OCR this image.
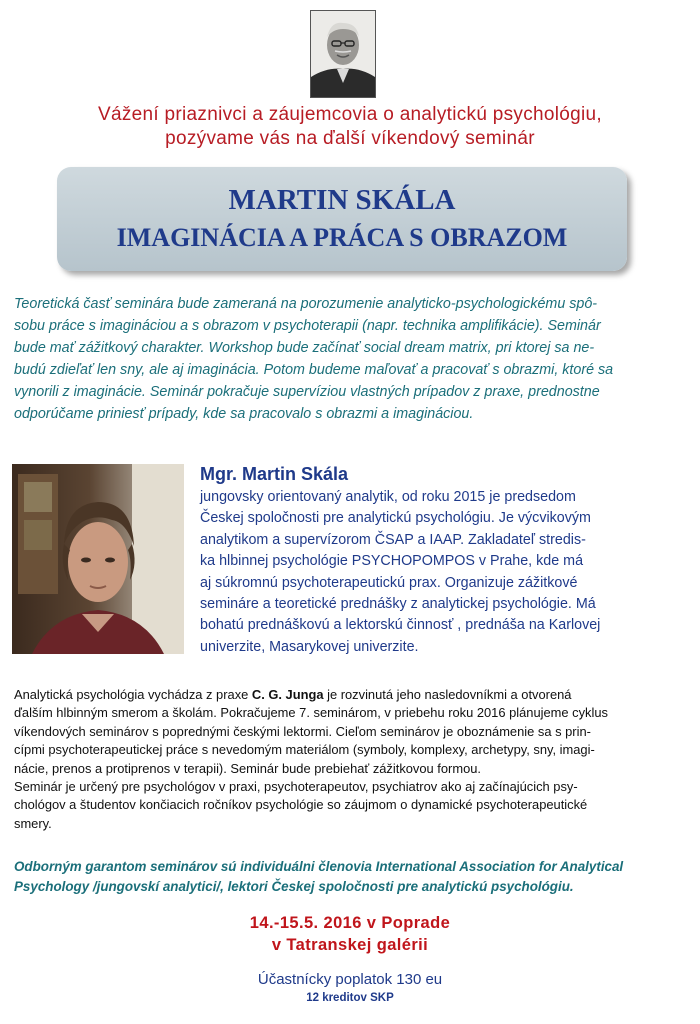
Vážení priaznivci a záujemcovia o analytickú psychológiu,
pozývame vás na ďalší víkendový seminár
MARTIN SKÁLA
IMAGINÁCIA A PRÁCA S OBRAZOM
Teoretická časť seminára bude zameraná na porozumenie analyticko-psychologickému spô-
sobu práce s imagináciou a s obrazom v psychoterapii (napr. technika amplifikácie). Seminár
bude mať zážitkový charakter. Workshop bude začínať social dream matrix, pri ktorej sa ne-
budú zdieľať len sny, ale aj imaginácia. Potom budeme maľovať a pracovať s obrazmi, ktoré sa
vynorili z imaginácie. Seminár pokračuje supervíziou vlastných prípadov z praxe, prednostne
odporúčame priniesť prípady, kde sa pracovalo s obrazmi a imagináciou.
Mgr. Martin Skála
jungovsky orientovaný analytik, od roku 2015 je predsedom
Českej spoločnosti pre analytickú psychológiu. Je výcvikovým
analytikom a supervízorom ČSAP a IAAP. Zakladateľ stredis-
ka hlbinnej psychológie PSYCHOPOMPOS v Prahe, kde má
aj súkromnú psychoterapeutickú prax. Organizuje zážitkové
semináre a teoretické prednášky z analytickej psychológie. Má
bohatú prednáškovú a lektorskú činnosť , prednáša na Karlovej
univerzite, Masarykovej univerzite.
Analytická psychológia vychádza z praxe C. G. Junga je rozvinutá jeho nasledovníkmi a otvorená
ďalším hlbinným smerom a školám. Pokračujeme 7. seminárom, v priebehu roku 2016 plánujeme cyklus
víkendových seminárov s poprednými českými lektormi. Cieľom seminárov je oboznámenie sa s prin-
cípmi psychoterapeutickej práce s nevedomým materiálom (symboly, komplexy, archetypy, sny, imagi-
nácie, prenos a protiprenos v terapii). Seminár bude prebiehať zážitkovou formou.
Seminár je určený pre psychológov v praxi, psychoterapeutov, psychiatrov ako aj začínajúcich psy-
chológov a študentov končiacich ročníkov psychológie so záujmom o dynamické psychoterapeutické
smery.
Odborným garantom seminárov sú individuálni členovia International Association for Analytical
Psychology /jungovskí analytici/, lektori Českej spoločnosti pre analytickú psychológiu.
14.-15.5. 2016 v Poprade
v Tatranskej galérii
Účastnícky poplatok 130 eu
12 kreditov SKP
